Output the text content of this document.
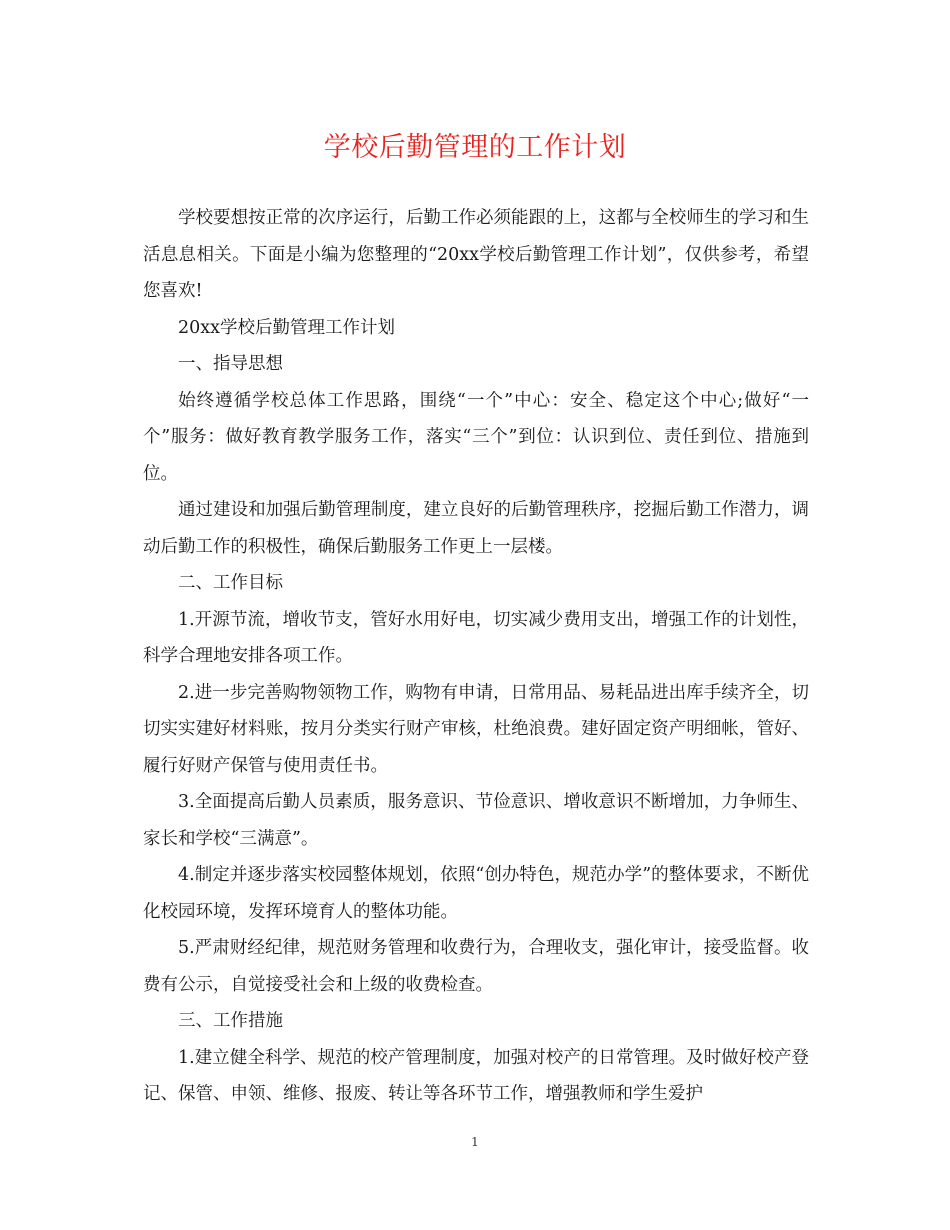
学校后勤管理的工作计划

学校要想按正常的次序运行，后勤工作必须能跟的上，这都与全校师生的学习和生活息息相关。下面是小编为您整理的“20xx学校后勤管理工作计划”，仅供参考，希望您喜欢!

20xx学校后勤管理工作计划

一、指导思想

始终遵循学校总体工作思路，围绕“一个”中心：安全、稳定这个中心;做好“一个”服务：做好教育教学服务工作，落实“三个”到位：认识到位、责任到位、措施到位。

通过建设和加强后勤管理制度，建立良好的后勤管理秩序，挖掘后勤工作潜力，调动后勤工作的积极性，确保后勤服务工作更上一层楼。

二、工作目标

1.开源节流，增收节支，管好水用好电，切实减少费用支出，增强工作的计划性，科学合理地安排各项工作。

2.进一步完善购物领物工作，购物有申请，日常用品、易耗品进出库手续齐全，切切实实建好材料账，按月分类实行财产审核，杜绝浪费。建好固定资产明细帐，管好、履行好财产保管与使用责任书。

3.全面提高后勤人员素质，服务意识、节俭意识、增收意识不断增加，力争师生、家长和学校“三满意”。

4.制定并逐步落实校园整体规划，依照“创办特色，规范办学”的整体要求，不断优化校园环境，发挥环境育人的整体功能。

5.严肃财经纪律，规范财务管理和收费行为，合理收支，强化审计，接受监督。收费有公示，自觉接受社会和上级的收费检查。

三、工作措施

1.建立健全科学、规范的校产管理制度，加强对校产的日常管理。及时做好校产登记、保管、申领、维修、报废、转让等各环节工作，增强教师和学生爱护

1
